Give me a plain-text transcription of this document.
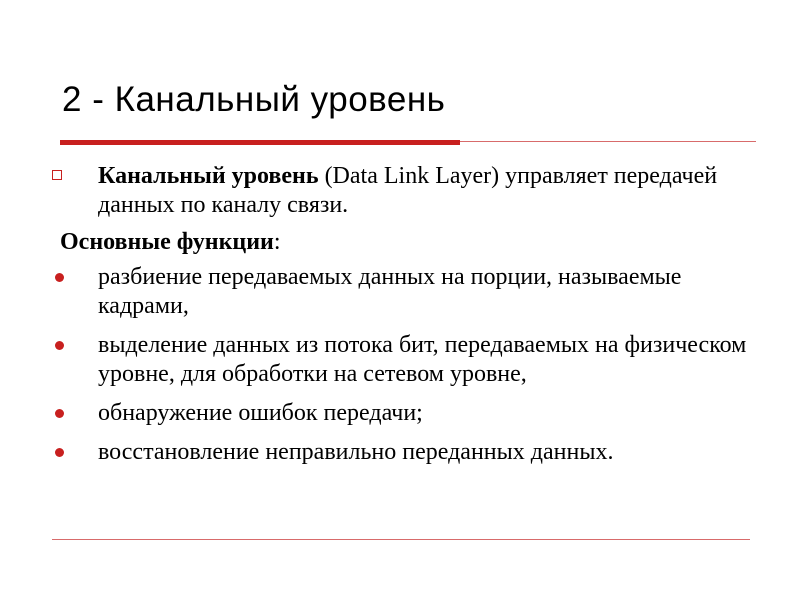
2 - Канальный уровень
Канальный уровень (Data Link Layer) управляет передачей данных по каналу связи.
Основные функции:
разбиение передаваемых данных на порции, называемые кадрами,
выделение данных из потока бит, передаваемых на физическом уровне, для обработки на сетевом уровне,
обнаружение ошибок передачи;
восстановление неправильно переданных данных.
